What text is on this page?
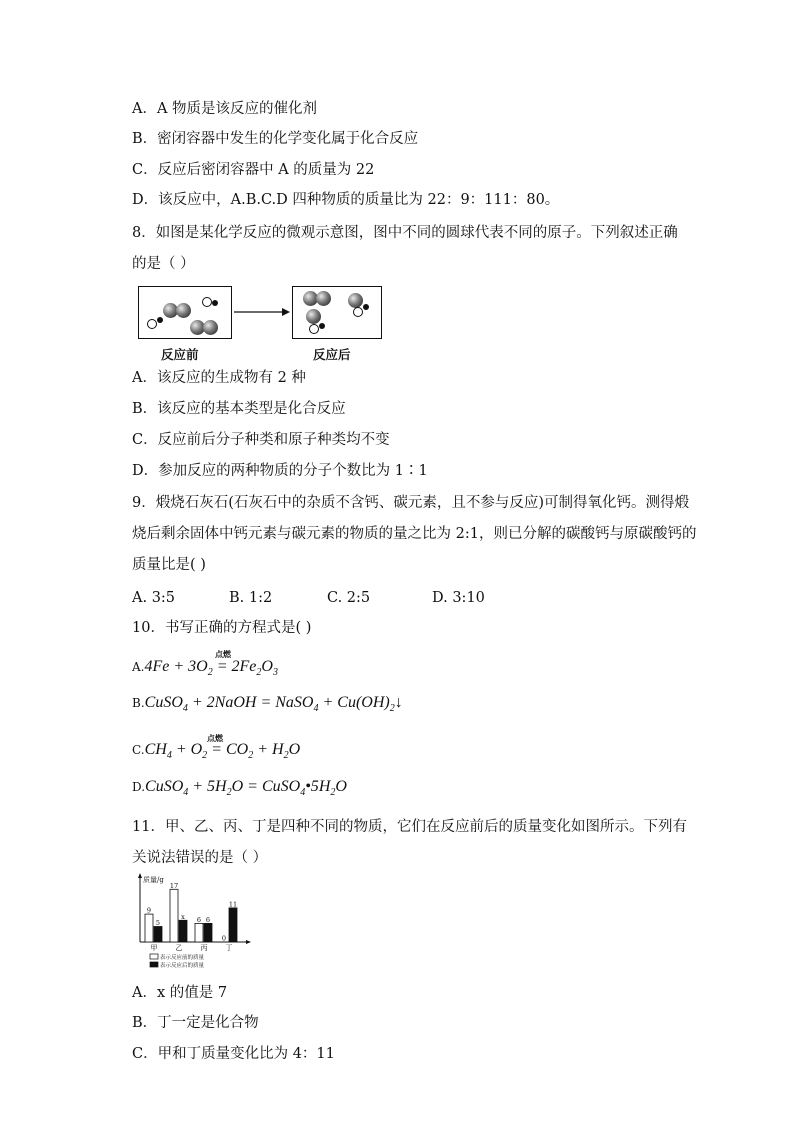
A．A 物质是该反应的催化剂
B．密闭容器中发生的化学变化属于化合反应
C．反应后密闭容器中 A 的质量为 22
D．该反应中，A.B.C.D 四种物质的质量比为 22：9：111：80。
8．如图是某化学反应的微观示意图，图中不同的圆球代表不同的原子。下列叙述正确
的是（ ）
反应前	反应后
A．该反应的生成物有 2 种
B．该反应的基本类型是化合反应
C．反应前后分子种类和原子种类均不变
D．参加反应的两种物质的分子个数比为 1∶1
9．煅烧石灰石(石灰石中的杂质不含钙、碳元素，且不参与反应)可制得氧化钙。测得煅
烧后剩余固体中钙元素与碳元素的物质的量之比为 2:1，则已分解的碳酸钙与原碳酸钙的
质量比是( )
A. 3:5	B. 1:2	C. 2:5	D. 3:10
10．书写正确的方程式是( )
$A.4Fe + 3O_2 = 2Fe_2O_3$
点燃
B.CuSO$_4$ + 2NaOH = NaSO$_4$ + $Cu(OH)_2↓$
$C.CH_4 + O_2 = CO_2 + H_2O$
点燃
D.CuSO$_4$ + $5H_2O$ = $CuSO_4•5H_2O$
11．甲、乙、丙、丁是四种不同的物质，它们在反应前后的质量变化如图所示。下列有
关说法错误的是（ ）
质量/g
9
5
甲
17
x
乙
6 6
丙
0
11
丁
表示反应前的质量
表示反应后的质量
A．x 的值是 7
B．丁一定是化合物
C．甲和丁质量变化比为 4：11
